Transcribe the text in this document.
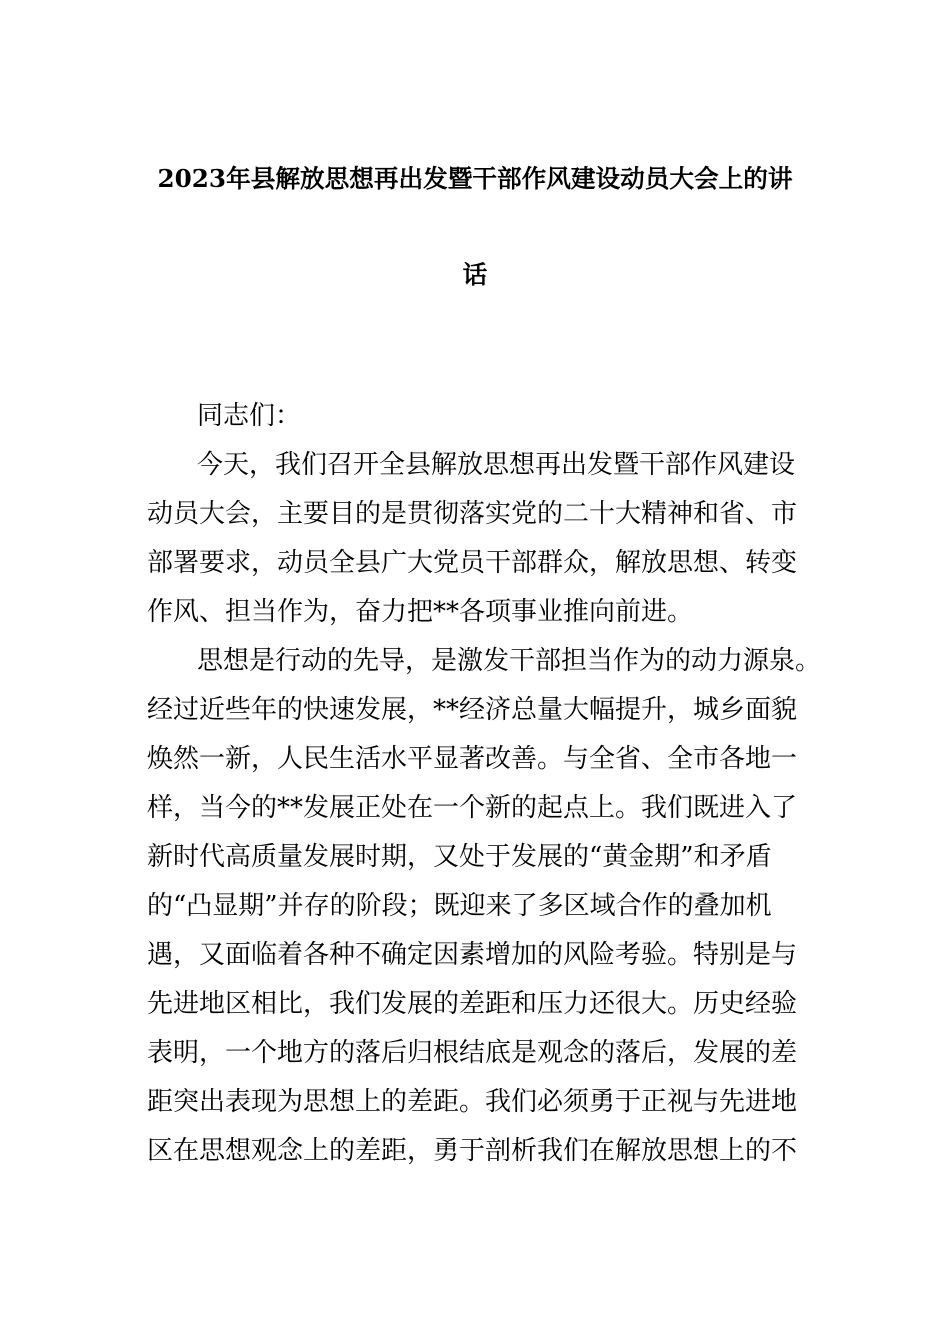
2023年县解放思想再出发暨干部作风建设动员大会上的讲
话

同志们：

今天，我们召开全县解放思想再出发暨干部作风建设

动员大会，主要目的是贯彻落实党的二十大精神和省、市

部署要求，动员全县广大党员干部群众，解放思想、转变

作风、担当作为，奋力把**各项事业推向前进。

思想是行动的先导，是激发干部担当作为的动力源泉。

经过近些年的快速发展，**经济总量大幅提升，城乡面貌

焕然一新，人民生活水平显著改善。与全省、全市各地一

样，当今的**发展正处在一个新的起点上。我们既进入了

新时代高质量发展时期，又处于发展的“黄金期”和矛盾

的“凸显期”并存的阶段；既迎来了多区域合作的叠加机

遇，又面临着各种不确定因素增加的风险考验。特别是与

先进地区相比，我们发展的差距和压力还很大。历史经验

表明，一个地方的落后归根结底是观念的落后，发展的差

距突出表现为思想上的差距。我们必须勇于正视与先进地

区在思想观念上的差距，勇于剖析我们在解放思想上的不
